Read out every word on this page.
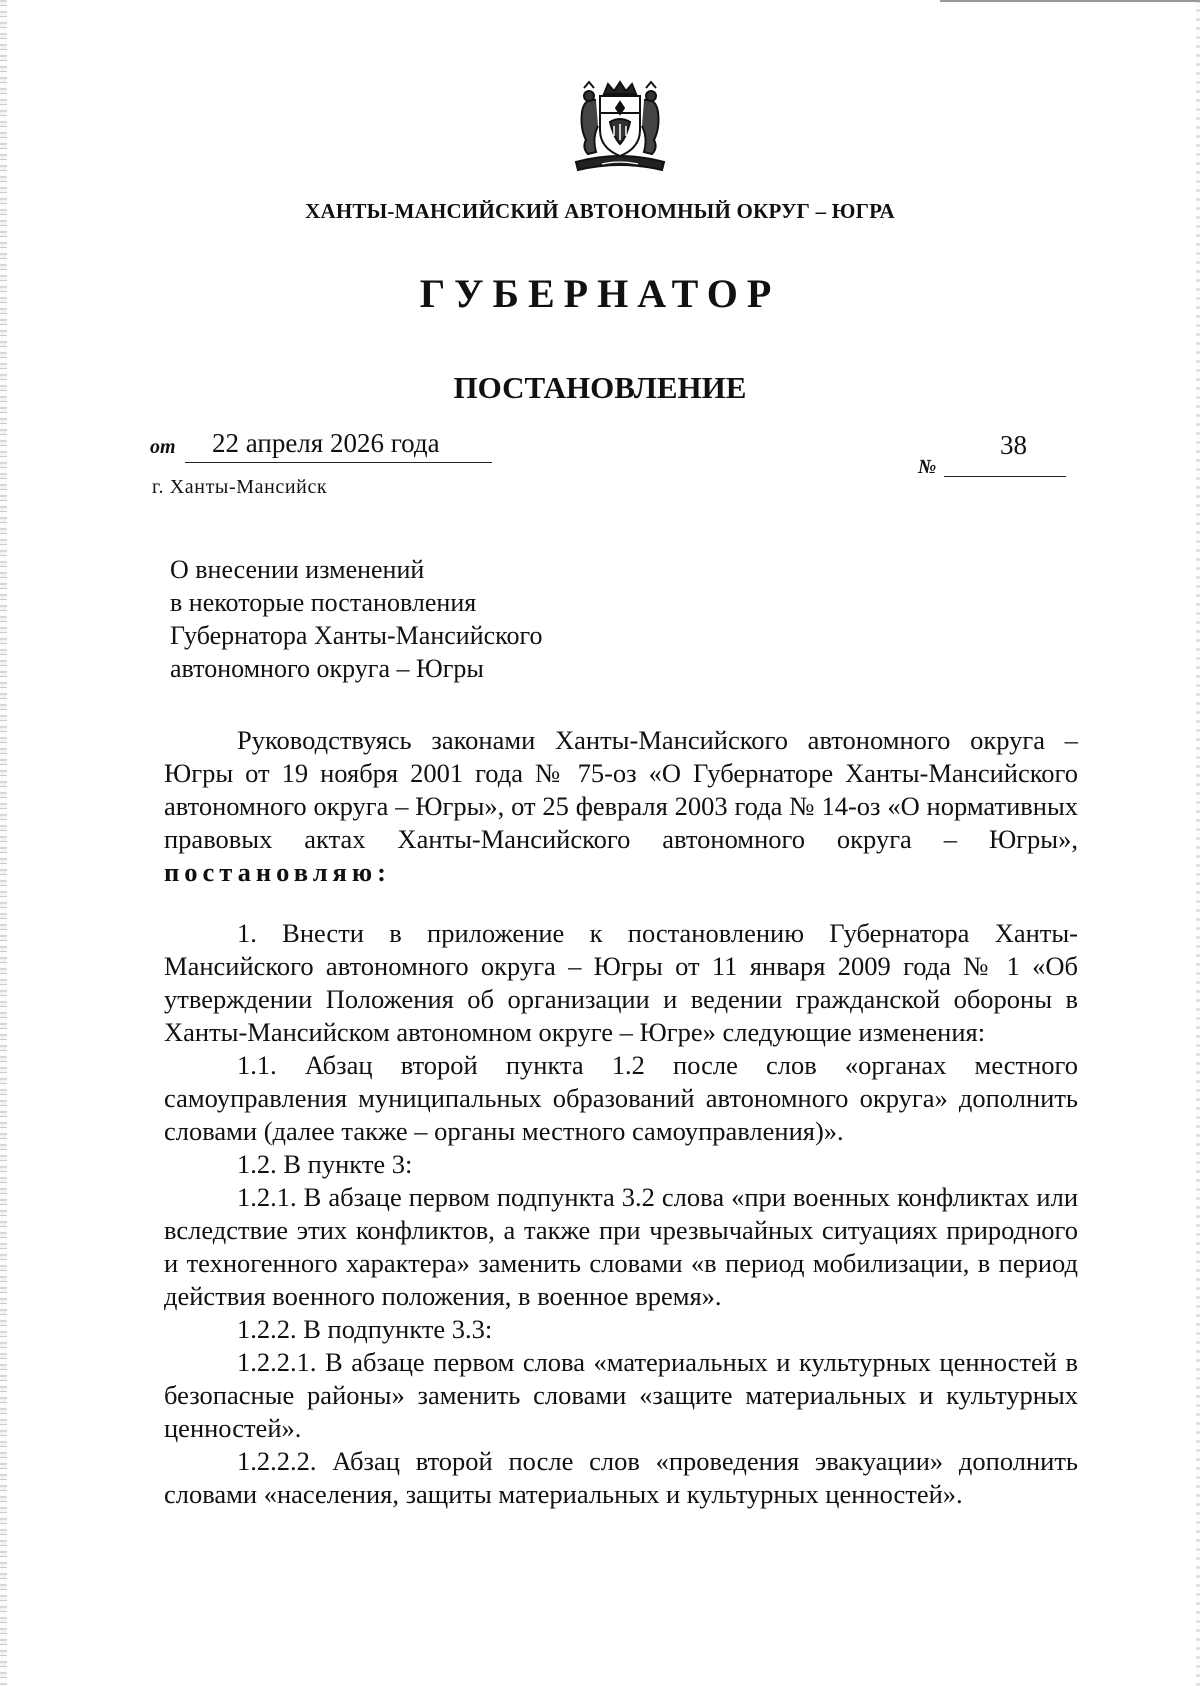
ХАНТЫ-МАНСИЙСКИЙ АВТОНОМНЫЙ ОКРУГ – ЮГРА
ГУБЕРНАТОР
ПОСТАНОВЛЕНИЕ
от 22 апреля 2026 года
№
38
г. Ханты-Мансийск
О внесении изменений
в некоторые постановления
Губернатора Ханты-Мансийского
автономного округа – Югры

Руководствуясь законами Ханты-Мансийского автономного округа – Югры от 19 ноября 2001 года № 75-оз «О Губернаторе Ханты-Мансийского автономного округа – Югры», от 25 февраля 2003 года № 14-оз «О нормативных правовых актах Ханты-Мансийского автономного округа – Югры», постановляю:

1. Внести в приложение к постановлению Губернатора Ханты-Мансийского автономного округа – Югры от 11 января 2009 года № 1 «Об утверждении Положения об организации и ведении гражданской обороны в Ханты-Мансийском автономном округе – Югре» следующие изменения:

1.1. Абзац второй пункта 1.2 после слов «органах местного самоуправления муниципальных образований автономного округа» дополнить словами (далее также – органы местного самоуправления)».

1.2. В пункте 3:

1.2.1. В абзаце первом подпункта 3.2 слова «при военных конфликтах или вследствие этих конфликтов, а также при чрезвычайных ситуациях природного и техногенного характера» заменить словами «в период мобилизации, в период действия военного положения, в военное время».

1.2.2. В подпункте 3.3:

1.2.2.1. В абзаце первом слова «материальных и культурных ценностей в безопасные районы» заменить словами «защите материальных и культурных ценностей».

1.2.2.2. Абзац второй после слов «проведения эвакуации» дополнить словами «населения, защиты материальных и культурных ценностей».
